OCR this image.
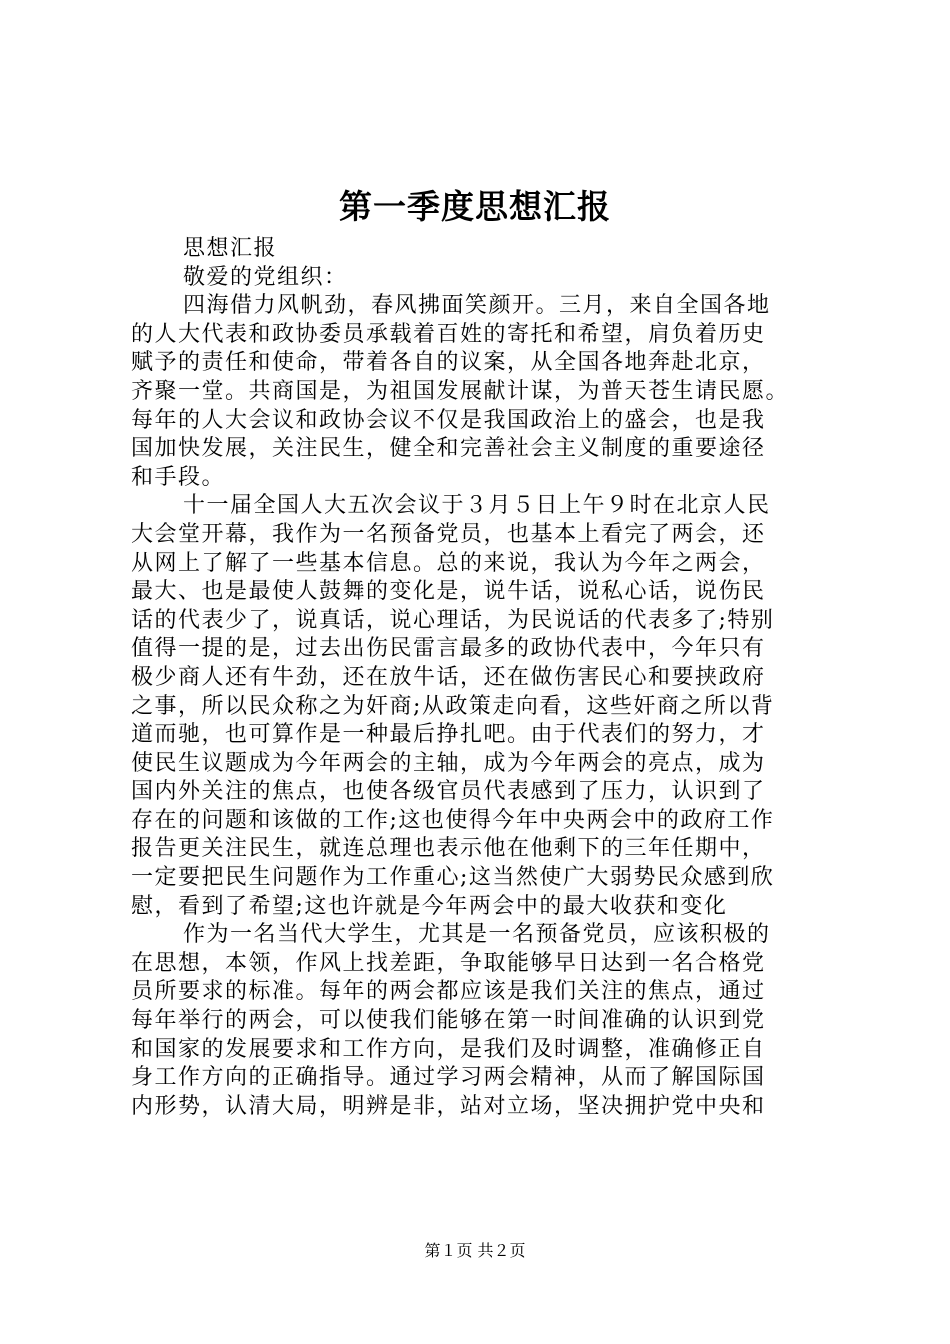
第一季度思想汇报
思想汇报
敬爱的党组织：
四海借力风帆劲，春风拂面笑颜开。三月，来自全国各地
的人大代表和政协委员承载着百姓的寄托和希望，肩负着历史
赋予的责任和使命，带着各自的议案，从全国各地奔赴北京，
齐聚一堂。共商国是，为祖国发展献计谋，为普天苍生请民愿。
每年的人大会议和政协会议不仅是我国政治上的盛会，也是我
国加快发展，关注民生，健全和完善社会主义制度的重要途径
和手段。
十一届全国人大五次会议于３月５日上午９时在北京人民
大会堂开幕，我作为一名预备党员，也基本上看完了两会，还
从网上了解了一些基本信息。总的来说，我认为今年之两会，
最大、也是最使人鼓舞的变化是，说牛话，说私心话，说伤民
话的代表少了，说真话，说心理话，为民说话的代表多了;特别
值得一提的是，过去出伤民雷言最多的政协代表中，今年只有
极少商人还有牛劲，还在放牛话，还在做伤害民心和要挟政府
之事，所以民众称之为奸商;从政策走向看，这些奸商之所以背
道而驰，也可算作是一种最后挣扎吧。由于代表们的努力，才
使民生议题成为今年两会的主轴，成为今年两会的亮点，成为
国内外关注的焦点，也使各级官员代表感到了压力，认识到了
存在的问题和该做的工作;这也使得今年中央两会中的政府工作
报告更关注民生，就连总理也表示他在他剩下的三年任期中，
一定要把民生问题作为工作重心;这当然使广大弱势民众感到欣
慰，看到了希望;这也许就是今年两会中的最大收获和变化
作为一名当代大学生，尤其是一名预备党员，应该积极的
在思想，本领，作风上找差距，争取能够早日达到一名合格党
员所要求的标准。每年的两会都应该是我们关注的焦点，通过
每年举行的两会，可以使我们能够在第一时间准确的认识到党
和国家的发展要求和工作方向，是我们及时调整，准确修正自
身工作方向的正确指导。通过学习两会精神，从而了解国际国
内形势，认清大局，明辨是非，站对立场，坚决拥护党中央和
第１页 共２页
